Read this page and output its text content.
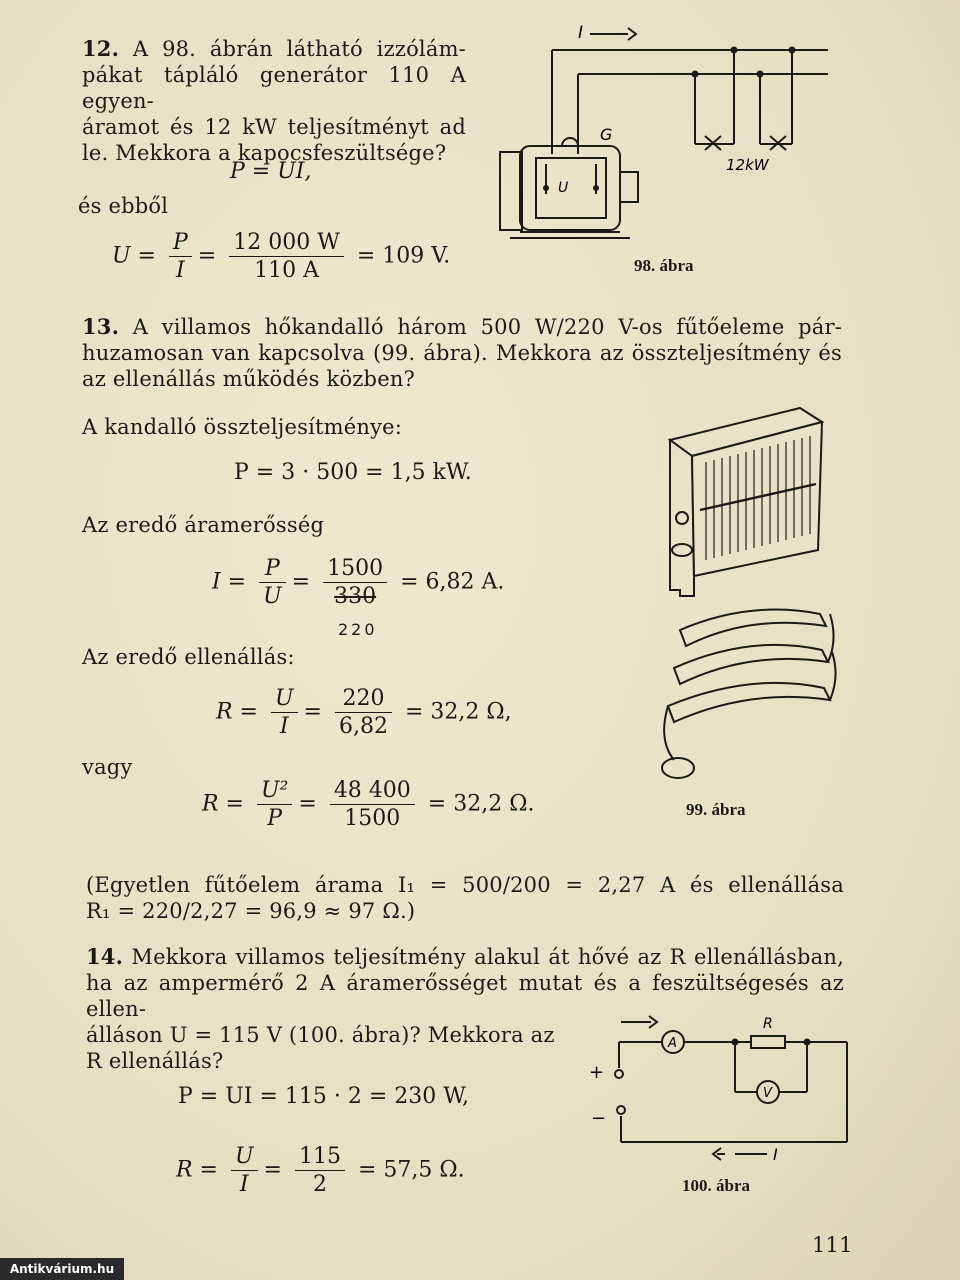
12. A 98. ábrán látható izzólám-
pákat tápláló generátor 110 A egyen-
áramot és 12 kW teljesítményt ad
le. Mekkora a kapocsfeszültsége?
P = UI,
és ebből
$U = \frac{P}{I} = \frac{12 000 W}{110 A} = 109$ V.
I
G
U
12kW
98. ábra
13. A villamos hőkandalló három 500 W/220 V-os fűtőeleme pár-
huzamosan van kapcsolva (99. ábra). Mekkora az összteljesítmény és
az ellenállás működés közben?
A kandalló összteljesítménye:
P = 3 · 500 = 1,5 kW.
Az eredő áramerősség
$I = \frac{P}{U} = \frac{1500}{330} = 6,82$ A.
220
Az eredő ellenállás:
$R = \frac{U}{I} = \frac{220}{6,82} = 32,2$ Ω,
vagy
$R = \frac{\text{U²}}{P} = \frac{48 400}{1500} = 32,2$ Ω.
(Egyetlen fűtőelem árama I₁ = 500/200 = 2,27 A és ellenállása
R₁ = 220/2,27 = 96,9 ≈ 97 Ω.)
99. ábra
14. Mekkora villamos teljesítmény alakul át hővé az R ellenállásban,
ha az ampermérő 2 A áramerősséget mutat és a feszültségesés az ellen-
álláson U = 115 V (100. ábra)? Mekkora az
R ellenállás?
P = UI = 115 · 2 = 230 W,
$R = \frac{U}{I} = \frac{115}{2} = 57,5$ Ω.
A
V
R
I
+
−
100. ábra
111
Antikvárium.hu
